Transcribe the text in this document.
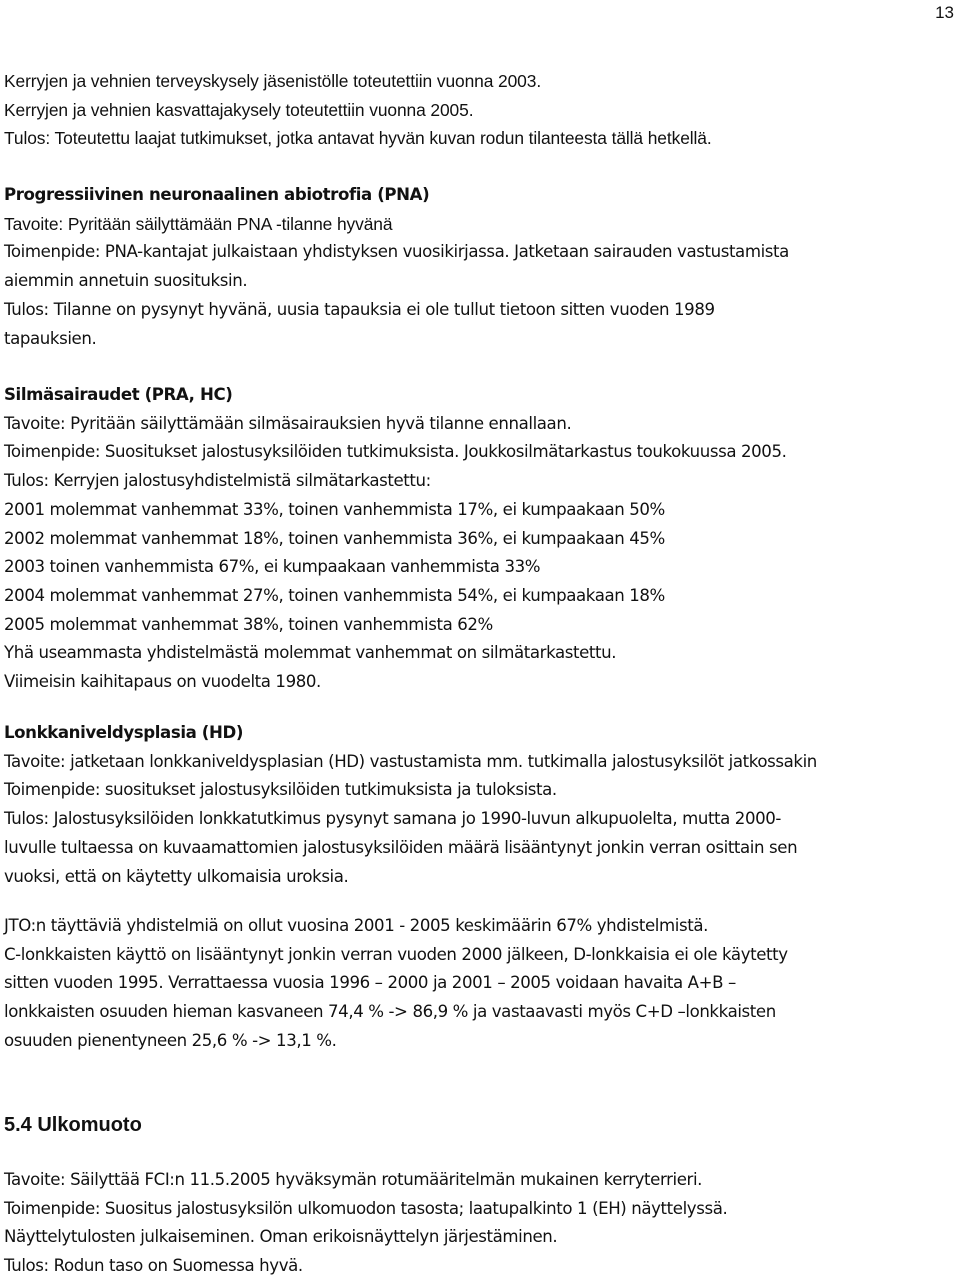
13
Kerryjen ja vehnien terveyskysely jäsenistölle toteutettiin vuonna 2003.
Kerryjen ja vehnien kasvattajakysely toteutettiin vuonna 2005.
Tulos: Toteutettu laajat tutkimukset, jotka antavat hyvän kuvan rodun tilanteesta tällä hetkellä.
Progressiivinen neuronaalinen abiotrofia (PNA)
Tavoite: Pyritään säilyttämään PNA -tilanne hyvänä
Toimenpide: PNA-kantajat julkaistaan yhdistyksen vuosikirjassa. Jatketaan sairauden vastustamista
aiemmin annetuin suosituksin.
Tulos: Tilanne on pysynyt hyvänä, uusia tapauksia ei ole tullut tietoon sitten vuoden 1989
tapauksien.
Silmäsairaudet (PRA, HC)
Tavoite: Pyritään säilyttämään silmäsairauksien hyvä tilanne ennallaan.
Toimenpide: Suositukset jalostusyksilöiden tutkimuksista. Joukkosilmätarkastus toukokuussa 2005.
Tulos: Kerryjen jalostusyhdistelmistä silmätarkastettu:
2001 molemmat vanhemmat 33%, toinen vanhemmista 17%, ei kumpaakaan 50%
2002 molemmat vanhemmat 18%, toinen vanhemmista 36%, ei kumpaakaan 45%
2003 toinen vanhemmista 67%, ei kumpaakaan vanhemmista 33%
2004 molemmat vanhemmat 27%, toinen vanhemmista 54%, ei kumpaakaan 18%
2005 molemmat vanhemmat 38%, toinen vanhemmista 62%
Yhä useammasta yhdistelmästä molemmat vanhemmat on silmätarkastettu.
Viimeisin kaihitapaus on vuodelta 1980.
Lonkkaniveldysplasia (HD)
Tavoite: jatketaan lonkkaniveldysplasian (HD) vastustamista mm. tutkimalla jalostusyksilöt jatkossakin
Toimenpide: suositukset jalostusyksilöiden tutkimuksista ja tuloksista.
Tulos: Jalostusyksilöiden lonkkatutkimus pysynyt samana jo 1990-luvun alkupuolelta, mutta 2000-
luvulle tultaessa on kuvaamattomien jalostusyksilöiden määrä lisääntynyt jonkin verran osittain sen
vuoksi, että on käytetty ulkomaisia uroksia.
JTO:n täyttäviä yhdistelmiä on ollut vuosina 2001 - 2005 keskimäärin 67% yhdistelmistä.
C-lonkkaisten käyttö on lisääntynyt jonkin verran vuoden 2000 jälkeen, D-lonkkaisia ei ole käytetty
sitten vuoden 1995. Verrattaessa vuosia 1996 – 2000 ja 2001 – 2005 voidaan havaita A+B –
lonkkaisten osuuden hieman kasvaneen 74,4 % -> 86,9 % ja vastaavasti myös C+D –lonkkaisten
osuuden pienentyneen 25,6 % -> 13,1 %.
5.4 Ulkomuoto
Tavoite: Säilyttää FCI:n 11.5.2005 hyväksymän rotumääritelmän mukainen kerryterrieri.
Toimenpide: Suositus jalostusyksilön ulkomuodon tasosta; laatupalkinto 1 (EH) näyttelyssä.
Näyttelytulosten julkaiseminen. Oman erikoisnäyttelyn järjestäminen.
Tulos: Rodun taso on Suomessa hyvä.
